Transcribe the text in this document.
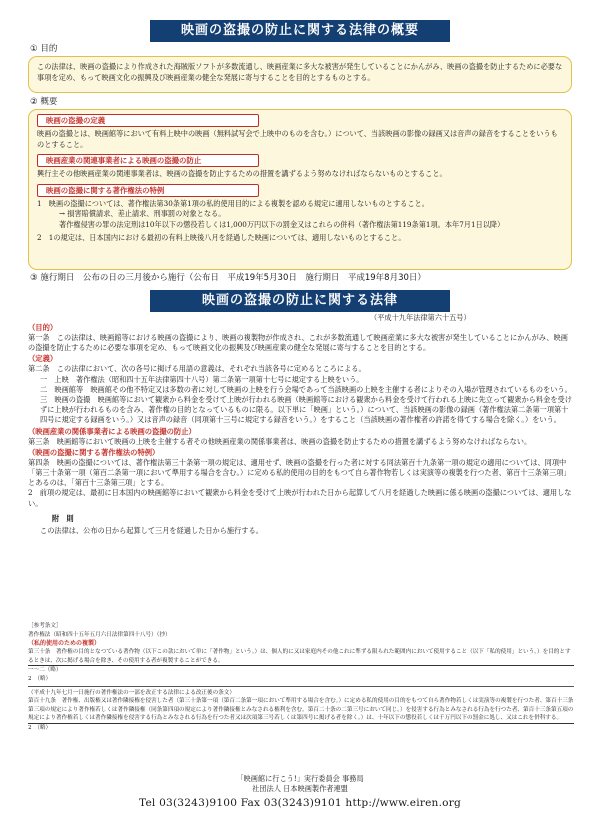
映画の盗撮の防止に関する法律の概要
① 目的

この法律は、映画の盗撮により作成された海賊版ソフトが多数流通し、映画産業に多大な被害が発生していることにかんがみ、映画の盗撮を防止するために必要な事項を定め、もって映画文化の振興及び映画産業の健全な発展に寄与することを目的とするものとする。

② 概要
映画の盗撮の定義

映画の盗撮とは、映画館等において有料上映中の映画（無料試写会で上映中のものを含む。）について、当該映画の影像の録画又は音声の録音をすることをいうものとすること。

映画産業の関連事業者による映画の盗撮の防止

興行主その他映画産業の関連事業者は、映画の盗撮を防止するための措置を講ずるよう努めなければならないものとすること。

映画の盗撮に関する著作権法の特例

1　映画の盗撮については、著作権法第30条第1項の私的使用目的による複製を認める規定に適用しないものとすること。

→ 損害賠償請求、差止請求、刑事罰の対象となる。

著作権侵害の罪の法定刑は10年以下の懲役若しくは1,000万円以下の罰金又はこれらの併科（著作権法第119条第1項。本年7月1日以降）

2　1の規定は、日本国内における最初の有料上映後八月を経過した映画については、適用しないものとすること。

③ 施行期日　公布の日の三月後から施行（公布日　平成19年5月30日　施行期日　平成19年8月30日）
映画の盗撮の防止に関する法律
（平成十九年法律第六十五号）
（目的）

第一条　この法律は、映画館等における映画の盗撮により、映画の複製物が作成され、これが多数流通して映画産業に多大な被害が発生していることにかんがみ、映画の盗撮を防止するために必要な事項を定め、もって映画文化の振興及び映画産業の健全な発展に寄与することを目的とする。

（定義）

第二条　この法律において、次の各号に掲げる用語の意義は、それぞれ当該各号に定めるところによる。

一　上映　著作権法（昭和四十五年法律第四十八号）第二条第一項第十七号に規定する上映をいう。

二　映画館等　映画館その他不特定又は多数の者に対して映画の上映を行う会場であって当該映画の上映を主催する者によりその入場が管理されているものをいう。

三　映画の盗撮　映画館等において観衆から料金を受けて上映が行われる映画（映画館等における観衆から料金を受けて行われる上映に先立って観衆から料金を受けずに上映が行われるものを含み、著作権の目的となっているものに限る。以下単に「映画」という。）について、当該映画の影像の録画（著作権法第二条第一項第十四号に規定する録画をいう。）又は音声の録音（同項第十三号に規定する録音をいう。）をすること（当該映画の著作権者の許諾を得てする場合を除く。）をいう。

（映画産業の関係事業者による映画の盗撮の防止）

第三条　映画館等において映画の上映を主催する者その他映画産業の関係事業者は、映画の盗撮を防止するための措置を講ずるよう努めなければならない。

（映画の盗撮に関する著作権法の特例）

第四条　映画の盗撮については、著作権法第三十条第一項の規定は、適用せず、映画の盗撮を行った者に対する同法第百十九条第一項の規定の適用については、同項中「第三十条第一項（第百二条第一項において準用する場合を含む。）に定める私的使用の目的をもつて自ら著作物若しくは実演等の複製を行つた者、第百十三条第三項」とあるのは、「第百十三条第三項」とする。

2　前項の規定は、最初に日本国内の映画館等において観衆から料金を受けて上映が行われた日から起算して八月を経過した映画に係る映画の盗撮については、適用しない。

附　則

この法律は、公布の日から起算して三月を経過した日から施行する。

［参考条文］
著作権法（昭和四十五年五月六日法律第四十八号）（抄）
（私的使用のための複製）
第三十条　著作権の目的となつている著作物（以下この款において単に「著作物」という。）は、個人的に又は家庭内その他これに準ずる限られた範囲内において使用すること（以下「私的使用」という。）を目的とするときは、次に掲げる場合を除き、その使用する者が複製することができる。
一〜二（略）
2　（略）
（平成十九年七月一日施行の著作権法の一部を改正する法律による改正後の条文）
第百十九条　著作権、出版権又は著作隣接権を侵害した者（第三十条第一項（第百二条第一項において準用する場合を含む。）に定める私的使用の目的をもつて自ら著作物若しくは実演等の複製を行つた者、第百十三条第三項の規定により著作権若しくは著作隣接権（同条第四項の規定により著作隣接権とみなされる権利を含む。第百二十条の二第三号において同じ。）を侵害する行為とみなされる行為を行つた者、第百十三条第五項の規定により著作権若しくは著作隣接権を侵害する行為とみなされる行為を行つた者又は次項第三号若しくは第四号に掲げる者を除く。）は、十年以下の懲役若しくは千万円以下の罰金に処し、又はこれを併科する。
2　（略）
「映画館に行こう!」実行委員会 事務局
社団法人 日本映画製作者連盟
Tel 03(3243)9100 Fax 03(3243)9101 http://www.eiren.org
